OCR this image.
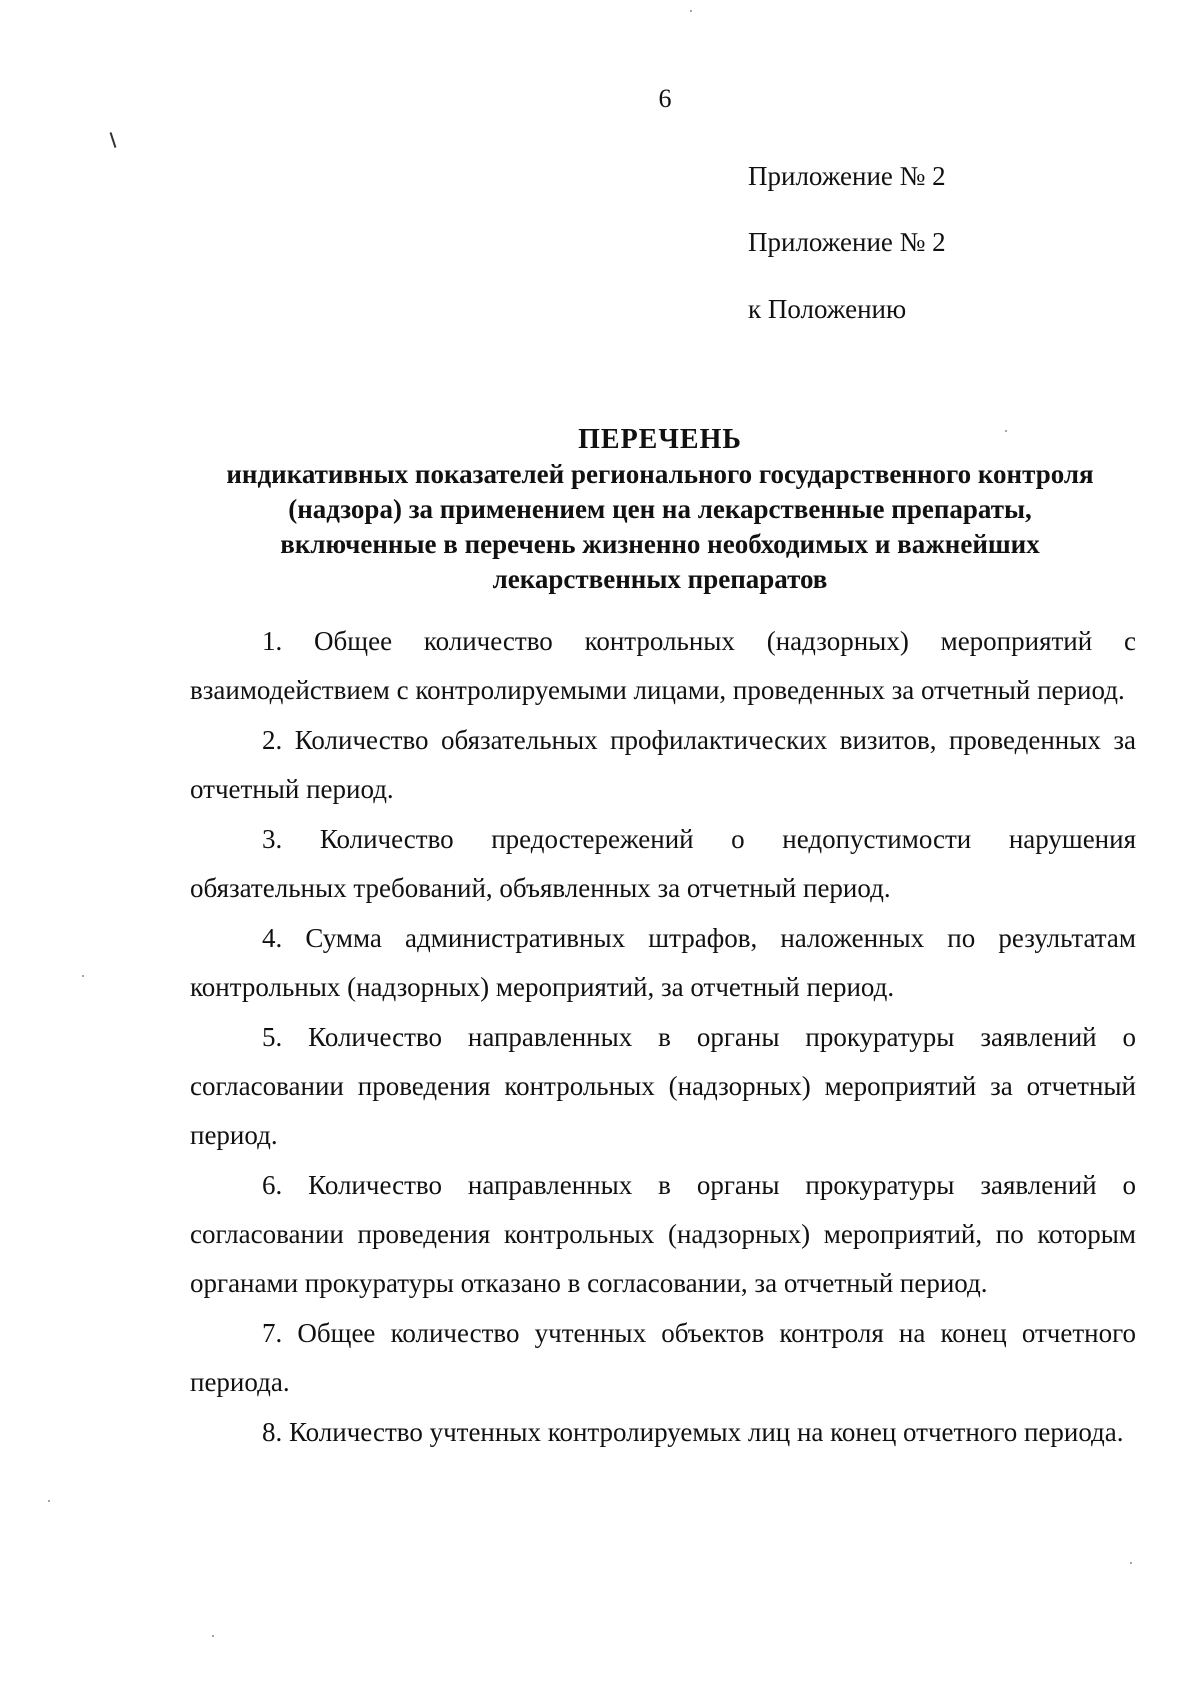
6
Приложение № 2
Приложение № 2
к Положению
ПЕРЕЧЕНЬ
индикативных показателей регионального государственного контроля
(надзора) за применением цен на лекарственные препараты,
включенные в перечень жизненно необходимых и важнейших
лекарственных препаратов

1. Общее количество контрольных (надзорных) мероприятий с взаимодействием с контролируемыми лицами, проведенных за отчетный период.

2. Количество обязательных профилактических визитов, проведенных за отчетный период.

3. Количество предостережений о недопустимости нарушения обязательных требований, объявленных за отчетный период.

4. Сумма административных штрафов, наложенных по результатам контрольных (надзорных) мероприятий, за отчетный период.

5. Количество направленных в органы прокуратуры заявлений о согласовании проведения контрольных (надзорных) мероприятий за отчетный период.

6. Количество направленных в органы прокуратуры заявлений о согласовании проведения контрольных (надзорных) мероприятий, по которым органами прокуратуры отказано в согласовании, за отчетный период.

7. Общее количество учтенных объектов контроля на конец отчетного периода.

8. Количество учтенных контролируемых лиц на конец отчетного периода.
